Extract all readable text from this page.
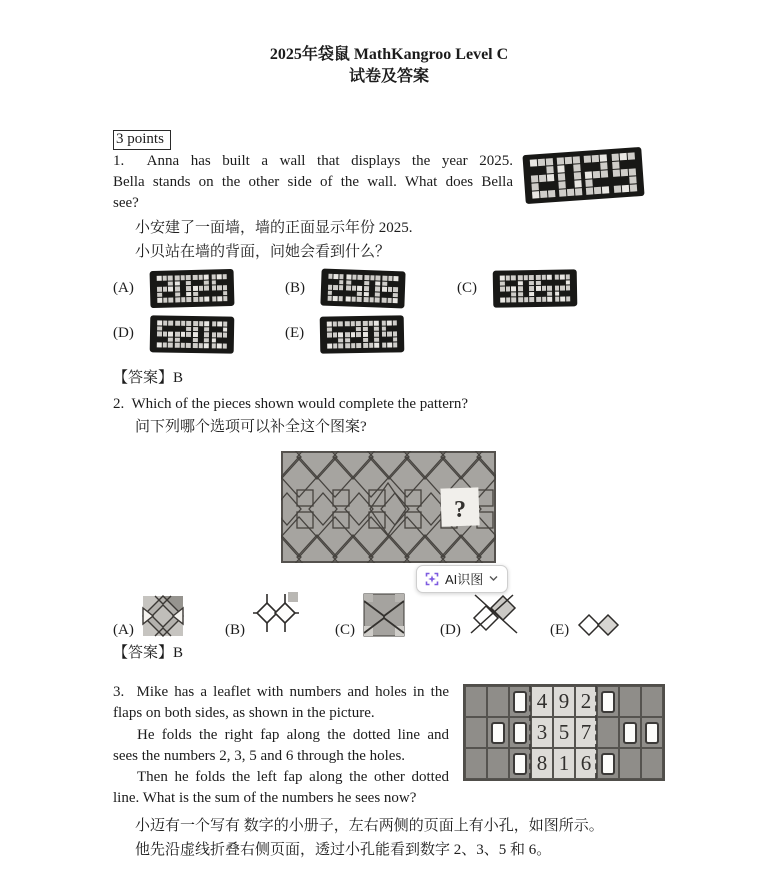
2025年袋鼠 MathKangroo Level C
试卷及答案
3 points
1.  Anna has built a wall that displays the year 2025.
Bella stands on the other side of the wall. What does Bella
see?
小安建了一面墙，墙的正面显示年份 2025.
小贝站在墙的背面，问她会看到什么？
(A)	(B)	(C)
(D)	(E)
【答案】B
2.  Which of the pieces shown would complete the pattern?
问下列哪个选项可以补全这个图案?
?
(A)	(B)	(C)	(D)	(E)
AI识图
【答案】B
3.  Mike has a leaflet with numbers and holes in the
flaps on both sides, as shown in the picture.
He folds the right fap along the dotted line and
sees the numbers 2, 3, 5 and 6 through the holes.
Then he folds the left fap along the other dotted
line. What is the sum of the numbers he sees now?
4 9 2
3 5 7
8 1 6
小迈有一个写有 数字的小册子，左右两侧的页面上有小孔，如图所示。
他先沿虚线折叠右侧页面，透过小孔能看到数字 2、3、5 和 6。
